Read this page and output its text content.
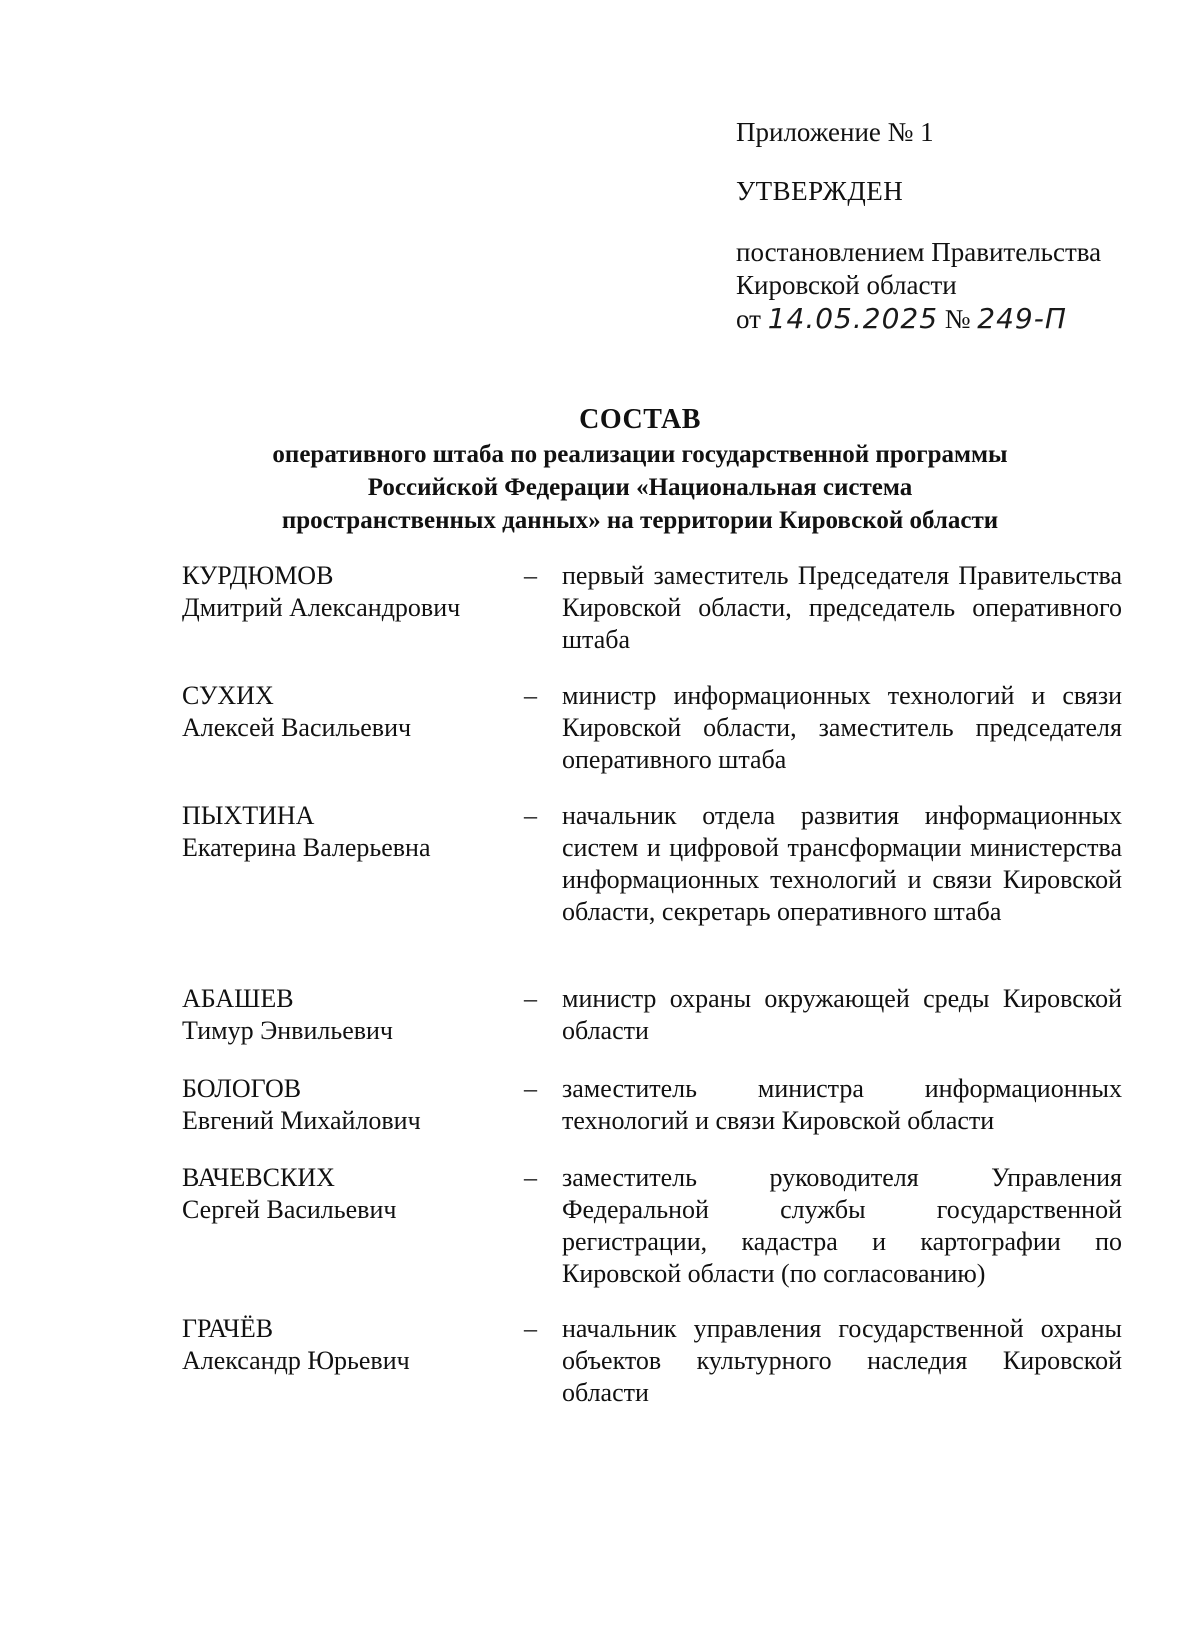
Приложение № 1
УТВЕРЖДЕН
постановлением Правительства
Кировской области
от 14.05.2025 № 249-П
СОСТАВ
оперативного штаба по реализации государственной программы
Российской Федерации «Национальная система
пространственных данных» на территории Кировской области
КУРДЮМОВ
Дмитрий Александрович
– первый заместитель Председателя Правительства Кировской области, председатель оперативного штаба
СУХИХ
Алексей Васильевич
– министр информационных технологий и связи Кировской области, заместитель председателя оперативного штаба
ПЫХТИНА
Екатерина Валерьевна
– начальник отдела развития информационных систем и цифровой трансформации министерства информационных технологий и связи Кировской области, секретарь оперативного штаба
АБАШЕВ
Тимур Энвильевич
– министр охраны окружающей среды Кировской области
БОЛОГОВ
Евгений Михайлович
– заместитель министра информационных технологий и связи Кировской области
ВАЧЕВСКИХ
Сергей Васильевич
– заместитель руководителя Управления Федеральной службы государственной регистрации, кадастра и картографии по Кировской области (по согласованию)
ГРАЧЁВ
Александр Юрьевич
– начальник управления государственной охраны объектов культурного наследия Кировской области
